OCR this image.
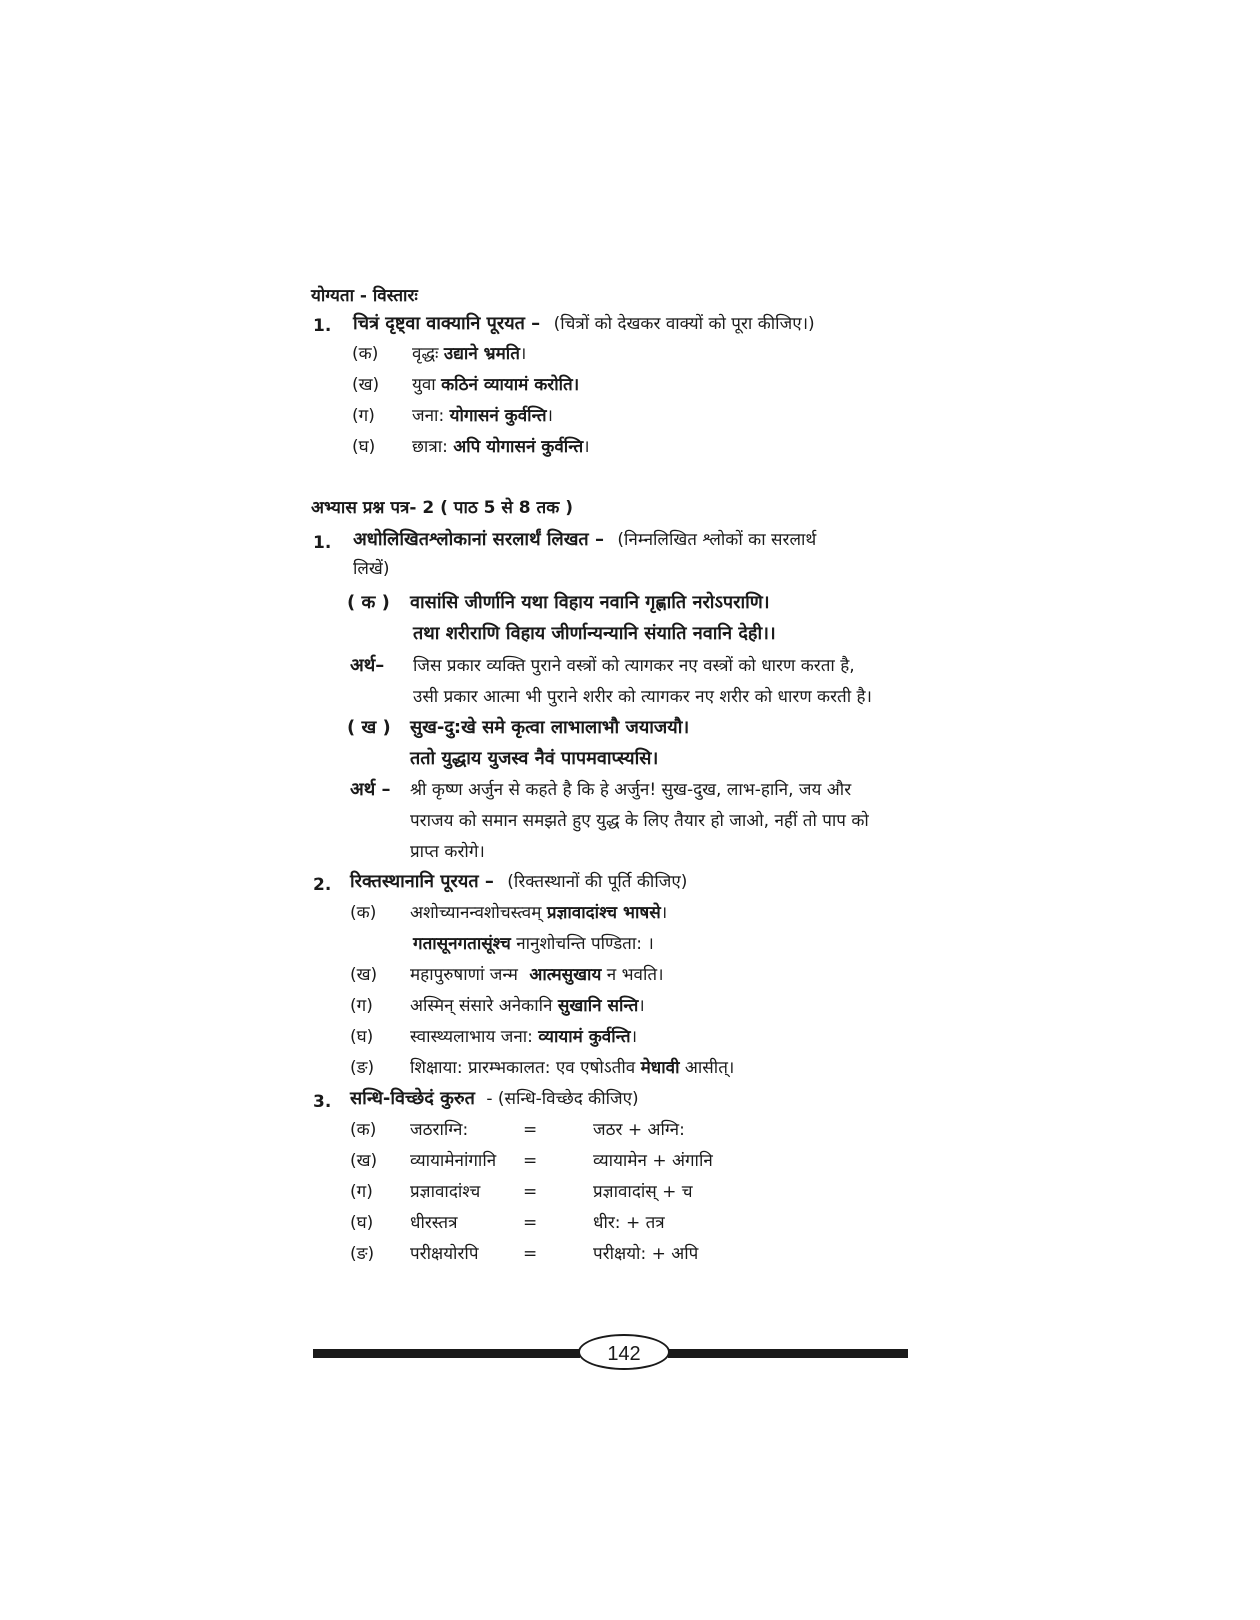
योग्यता - विस्तारः
1. चित्रं दृष्ट्वा वाक्यानि पूरयत – (चित्रों को देखकर वाक्यों को पूरा कीजिए।)
(क) वृद्धः उद्याने भ्रमति।
(ख) युवा कठिनं व्यायामं करोति।
(ग) जना: योगासनं कुर्वन्ति।
(घ) छात्रा: अपि योगासनं कुर्वन्ति।
अभ्यास प्रश्न पत्र- 2 ( पाठ 5 से 8 तक )
1. अधोलिखितश्लोकानां सरलार्थं लिखत – (निम्नलिखित श्लोकों का सरलार्थ
लिखें)
( क ) वासांसि जीर्णानि यथा विहाय नवानि गृह्णाति नरोऽपराणि।
तथा शरीराणि विहाय जीर्णान्यन्यानि संयाति नवानि देही।।
अर्थ– जिस प्रकार व्यक्ति पुराने वस्त्रों को त्यागकर नए वस्त्रों को धारण करता है,
उसी प्रकार आत्मा भी पुराने शरीर को त्यागकर नए शरीर को धारण करती है।
( ख ) सुख-दु:खे समे कृत्वा लाभालाभौ जयाजयौ।
ततो युद्धाय युजस्व नैवं पापमवाप्स्यसि।
अर्थ – श्री कृष्ण अर्जुन से कहते है कि हे अर्जुन! सुख-दुख, लाभ-हानि, जय और
पराजय को समान समझते हुए युद्ध के लिए तैयार हो जाओ, नहीं तो पाप को
प्राप्त करोगे।
2. रिक्तस्थानानि पूरयत – (रिक्तस्थानों की पूर्ति कीजिए)
(क) अशोच्यानन्वशोचस्त्वम् प्रज्ञावादांश्च भाषसे।
गतासूनगतासूंश्च नानुशोचन्ति पण्डिता: ।
(ख) महापुरुषाणां जन्म आत्मसुखाय न भवति।
(ग) अस्मिन् संसारे अनेकानि सुखानि सन्ति।
(घ) स्वास्थ्यलाभाय जना: व्यायामं कुर्वन्ति।
(ङ) शिक्षाया: प्रारम्भकालत: एव एषोऽतीव मेधावी आसीत्।
3. सन्धि-विच्छेदं कुरुत - (सन्धि-विच्छेद कीजिए)
(क) जठराग्नि:	=	जठर + अग्नि:
(ख) व्यायामेनांगानि =	व्यायामेन + अंगानि
(ग) प्रज्ञावादांश्च	=	प्रज्ञावादांस् + च
(घ) धीरस्तत्र	=	धीर: + तत्र
(ङ) परीक्षयोरपि	=	परीक्षयो: + अपि
142
